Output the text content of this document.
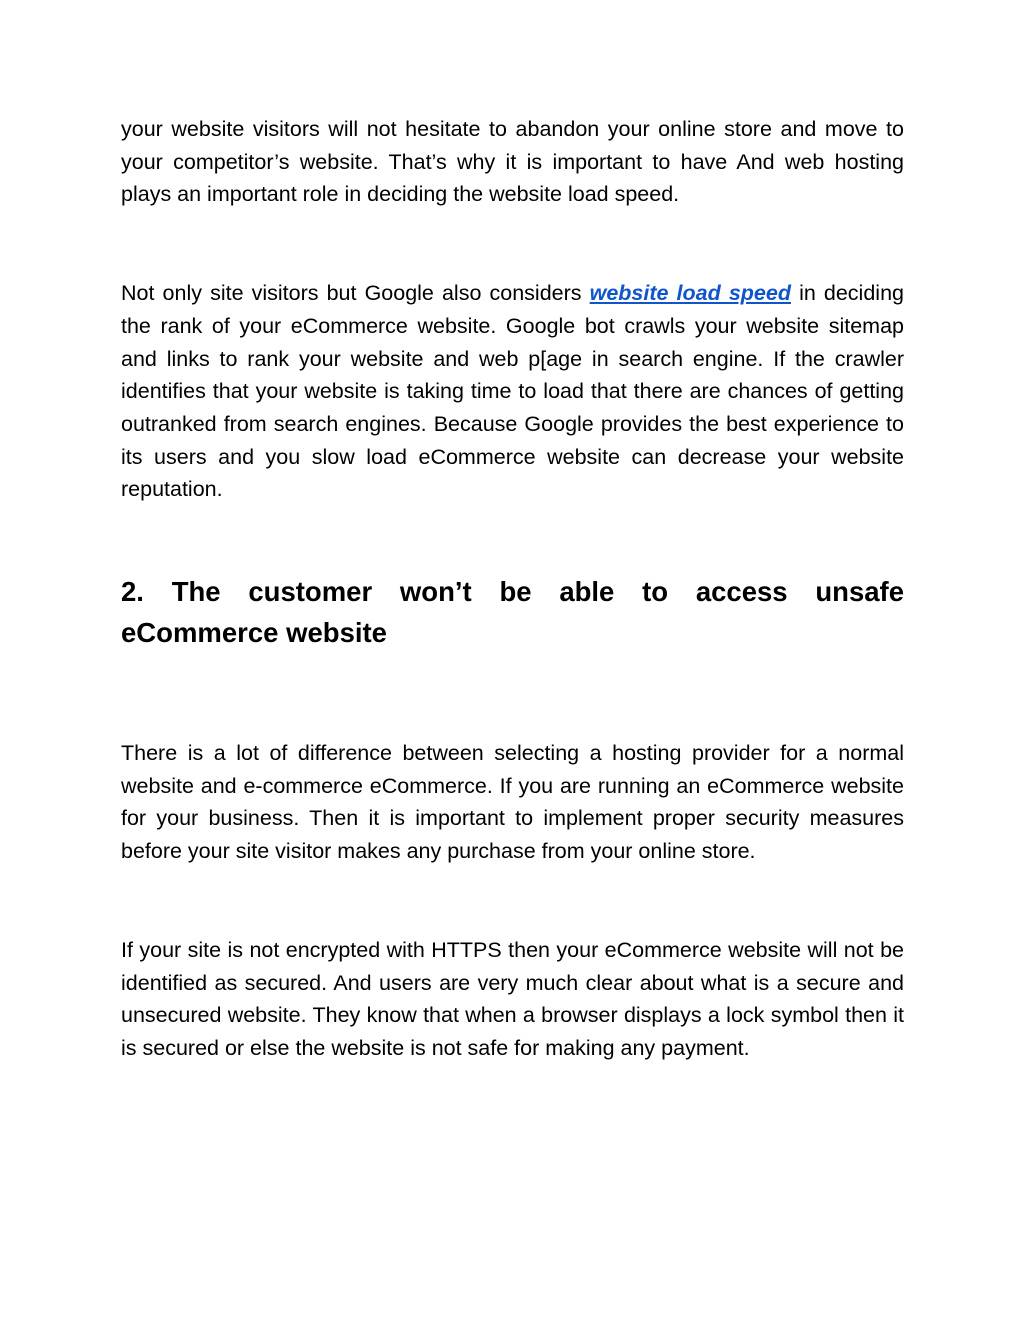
your website visitors will not hesitate to abandon your online store and move to your competitor’s website. That’s why it is important to have And web hosting plays an important role in deciding the website load speed.

Not only site visitors but Google also considers website load speed in deciding the rank of your eCommerce website. Google bot crawls your website sitemap and links to rank your website and web p[age in search engine. If the crawler identifies that your website is taking time to load that there are chances of getting outranked from search engines. Because Google provides the best experience to its users and you slow load eCommerce website can decrease your website reputation.

2. The customer won’t be able to access unsafe eCommerce website

There is a lot of difference between selecting a hosting provider for a normal website and e-commerce eCommerce. If you are running an eCommerce website for your business. Then it is important to implement proper security measures before your site visitor makes any purchase from your online store.

If your site is not encrypted with HTTPS then your eCommerce website will not be identified as secured. And users are very much clear about what is a secure and unsecured website. They know that when a browser displays a lock symbol then it is secured or else the website is not safe for making any payment.
